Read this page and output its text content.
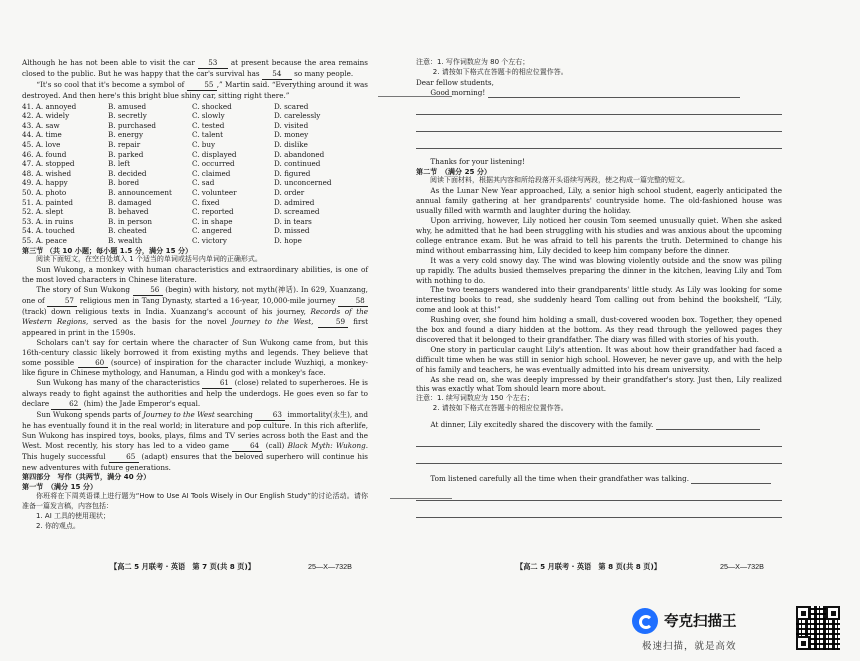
Although he has not been able to visit the car 53 at present because the area remains closed to the public. But he was happy that the car's survival has 54 so many people.

“It's so cool that it's become a symbol of	55 ,” Martin said. “Everything around it was destroyed. And then here's this bright blue shiny car, sitting right there.”

41. A. annoyed	B. amused	C. shocked	D. scared
42. A. widely	B. secretly	C. slowly	D. carelessly
43. A. saw	B. purchased	C. tested	D. visited
44. A. time	B. energy	C. talent	D. money
45. A. love	B. repair	C. buy	D. dislike
46. A. found	B. parked	C. displayed	D. abandoned
47. A. stopped	B. left	C. occurred	D. continued
48. A. wished	B. decided	C. claimed	D. figured
49. A. happy	B. bored	C. sad	D. unconcerned
50. A. photo	B. announcement	C. volunteer	D. order
51. A. painted	B. damaged	C. fixed	D. admired
52. A. slept	B. behaved	C. reported	D. screamed
53. A. in ruins	B. in person	C. in shape	D. in tears
54. A. touched	B. cheated	C. angered	D. missed
55. A. peace	B. wealth	C. victory	D. hope

第三节 （共 10 小题；每小题 1.5 分，满分 15 分）

阅读下面短文，在空白处填入 1 个适当的单词或括号内单词的正确形式。

Sun Wukong, a monkey with human characteristics and extraordinary abilities, is one of the most loved characters in Chinese literature.

The story of Sun Wukong	56 (begin) with history, not myth(神话). In 629, Xuanzang, one of	57 religious men in Tang Dynasty, started a 16-year, 10,000-mile journey	58 (track) down religious texts in India. Xuanzang's account of his journey, Records of the Western Regions, served as the basis for the novel Journey to the West,	59 first appeared in print in the 1590s.

Scholars can't say for certain where the character of Sun Wukong came from, but this 16th-century classic likely borrowed it from existing myths and legends. They believe that some possible	60 (source) of inspiration for the character include Wuzhiqi, a monkey-like figure in Chinese mythology, and Hanuman, a Hindu god with a monkey's face.

Sun Wukong has many of the characteristics	61 (close) related to superheroes. He is always ready to fight against the authorities and help the underdogs. He goes even so far to declare	62 (him) the Jade Emperor's equal.

Sun Wukong spends parts of Journey to the West searching	63 immortality(永生), and he has eventually found it in the real world; in literature and pop culture. In this rich afterlife, Sun Wukong has inspired toys, books, plays, films and TV series across both the East and the West. Most recently, his story has led to a video game	64 (call) Black Myth: Wukong. This hugely successful	65 (adapt) ensures that the beloved superhero will continue his new adventures with future generations.

第四部分　写作（共两节，满分 40 分）

第一节　（满分 15 分）

你班将在下周英语课上进行题为“How to Use AI Tools Wisely in Our English Study”的讨论活动。请你准备一篇发言稿，内容包括：

1. AI 工具的使用现状；

2. 你的观点。

【高二 5 月联考 · 英语　第 7 页(共 8 页)】	25—X—732B

注意：1. 写作词数应为 80 个左右；

2. 请按如下格式在答题卡的相应位置作答。

Dear fellow students,

Good morning!

Thanks for your listening!

第二节　（满分 25 分）

阅读下面材料，根据其内容和所给段落开头语续写两段，使之构成一篇完整的短文。

As the Lunar New Year approached, Lily, a senior high school student, eagerly anticipated the annual family gathering at her grandparents' countryside home. The old-fashioned house was usually filled with warmth and laughter during the holiday.

Upon arriving, however, Lily noticed her cousin Tom seemed unusually quiet. When she asked why, he admitted that he had been struggling with his studies and was anxious about the upcoming college entrance exam. But he was afraid to tell his parents the truth. Determined to change his mind without embarrassing him, Lily decided to keep him company before the dinner.

It was a very cold snowy day. The wind was blowing violently outside and the snow was piling up rapidly. The adults busied themselves preparing the dinner in the kitchen, leaving Lily and Tom with nothing to do.

The two teenagers wandered into their grandparents' little study. As Lily was looking for some interesting books to read, she suddenly heard Tom calling out from behind the bookshelf, “Lily, come and look at this!”

Rushing over, she found him holding a small, dust-covered wooden box. Together, they opened the box and found a diary hidden at the bottom. As they read through the yellowed pages they discovered that it belonged to their grandfather. The diary was filled with stories of his youth.

One story in particular caught Lily's attention. It was about how their grandfather had faced a difficult time when he was still in senior high school. However, he never gave up, and with the help of his family and teachers, he was eventually admitted into his dream university.

As she read on, she was deeply impressed by their grandfather's story. Just then, Lily realized this was exactly what Tom should learn more about.

注意：1. 续写词数应为 150 个左右；

2. 请按如下格式在答题卡的相应位置作答。

At dinner, Lily excitedly shared the discovery with the family.

Tom listened carefully all the time when their grandfather was talking.

【高二 5 月联考 · 英语　第 8 页(共 8 页)】	25—X—732B
夸克扫描王
极速扫描，就是高效
